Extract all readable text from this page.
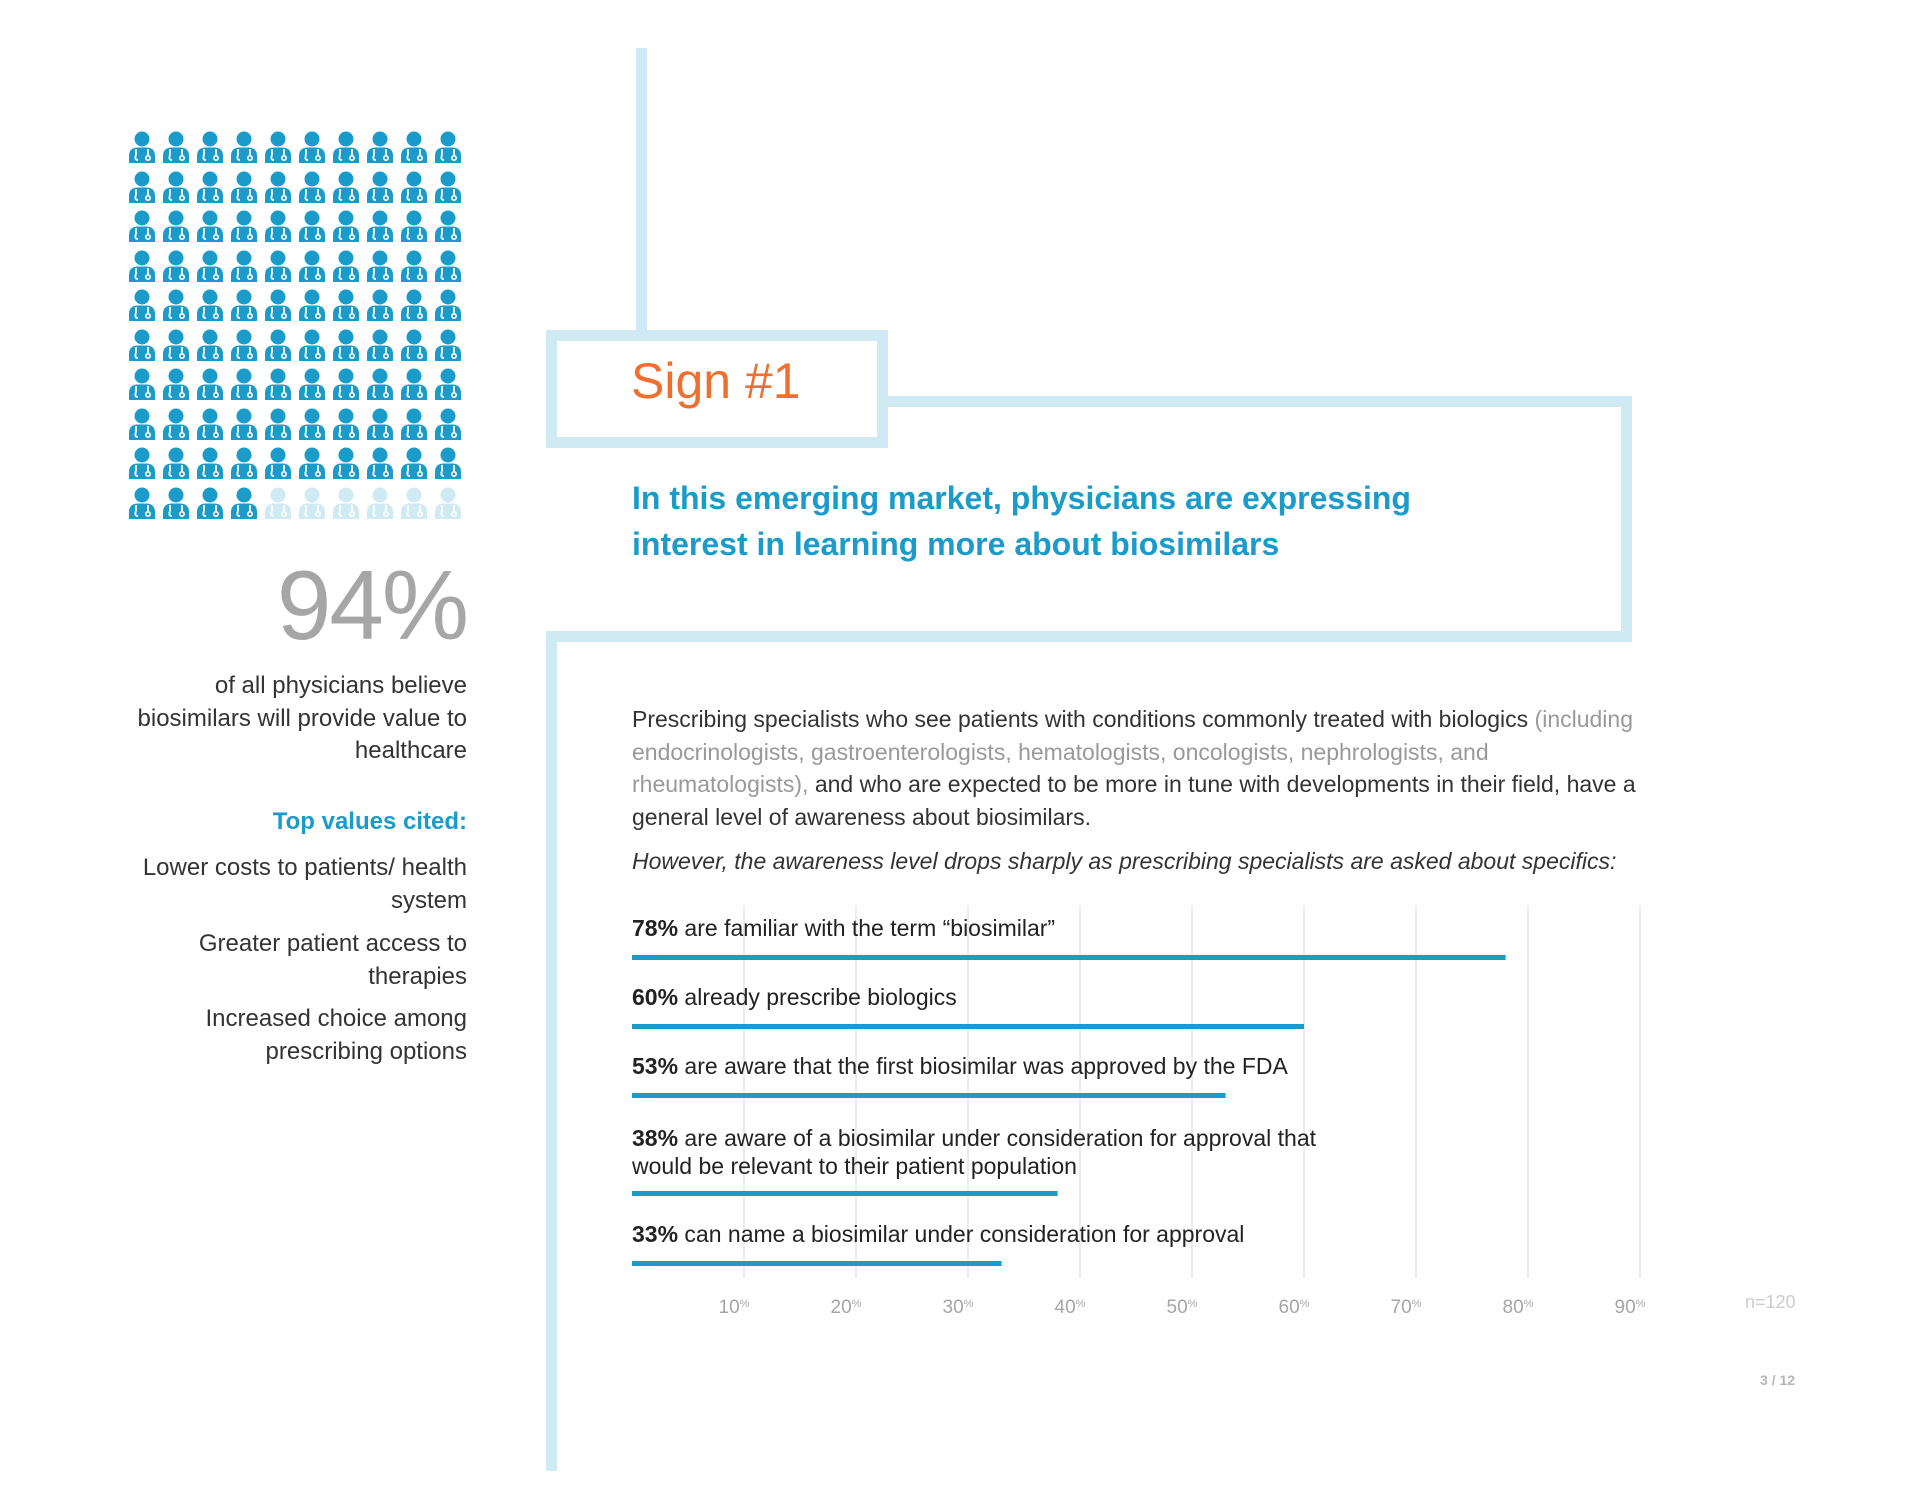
94%
of all physicians believe biosimilars will provide value to healthcare
Top values cited:
Lower costs to patients/ health system
Greater patient access to therapies
Increased choice among prescribing options
Sign #1
In this emerging market, physicians are expressing
interest in learning more about biosimilars
Prescribing specialists who see patients with conditions commonly treated with biologics (including endocrinologists, gastroenterologists, hematologists, oncologists, nephrologists, and rheumatologists), and who are expected to be more in tune with developments in their field, have a general level of awareness about biosimilars.
However, the awareness level drops sharply as prescribing specialists are asked about specifics:
10%	20%	30%	40%	50%	60%	70%	80%	90%
78% are familiar with the term “biosimilar”
60% already prescribe biologics
53% are aware that the first biosimilar was approved by the FDA
38% are aware of a biosimilar under consideration for approval that would be relevant to their patient population
33% can name a biosimilar under consideration for approval
n=120
3 / 12
